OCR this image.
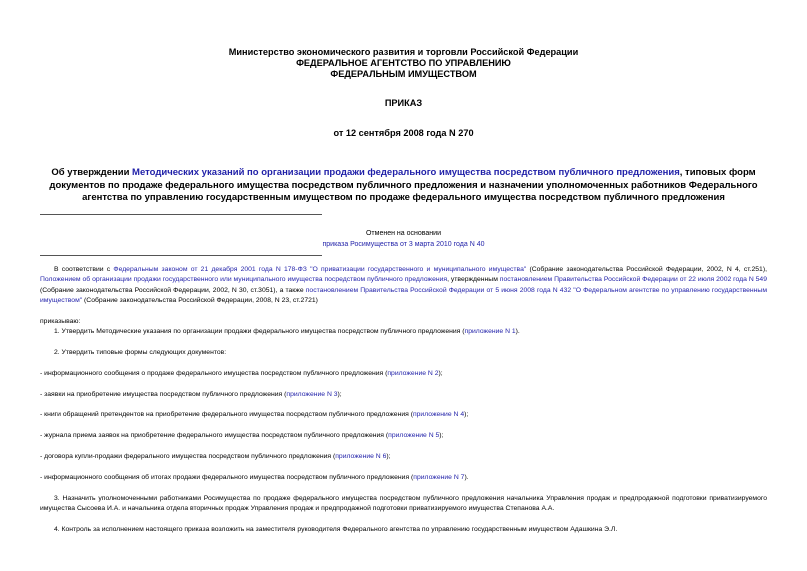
Министерство экономического развития и торговли Российской Федерации
ФЕДЕРАЛЬНОЕ АГЕНТСТВО ПО УПРАВЛЕНИЮ
ФЕДЕРАЛЬНЫМ ИМУЩЕСТВОМ
ПРИКАЗ
от 12 сентября 2008 года N 270
Об утверждении Методических указаний по организации продажи федерального имущества посредством публичного предложения, типовых форм документов по продаже федерального имущества посредством публичного предложения и назначении уполномоченных работников Федерального агентства по управлению государственным имуществом по продаже федерального имущества посредством публичного предложения
Отменен на основании
приказа Росимущества от 3 марта 2010 года N 40
В соответствии с Федеральным законом от 21 декабря 2001 года N 178-ФЗ "О приватизации государственного и муниципального имущества" (Собрание законодательства Российской Федерации, 2002, N 4, ст.251), Положением об организации продажи государственного или муниципального имущества посредством публичного предложения, утвержденным постановлением Правительства Российской Федерации от 22 июля 2002 года N 549 (Собрание законодательства Российской Федерации, 2002, N 30, ст.3051), а также постановлением Правительства Российской Федерации от 5 июня 2008 года N 432 "О Федеральном агентстве по управлению государственным имуществом" (Собрание законодательства Российской Федерации, 2008, N 23, ст.2721)
приказываю:
1. Утвердить Методические указания по организации продажи федерального имущества посредством публичного предложения (приложение N 1).
2. Утвердить типовые формы следующих документов:
- информационного сообщения о продаже федерального имущества посредством публичного предложения (приложение N 2);
- заявки на приобретение имущества посредством публичного предложения (приложение N 3);
- книги обращений претендентов на приобретение федерального имущества посредством публичного предложения (приложение N 4);
- журнала приема заявок на приобретение федерального имущества посредством публичного предложения (приложение N 5);
- договора купли-продажи федерального имущества посредством публичного предложения (приложение N 6);
- информационного сообщения об итогах продажи федерального имущества посредством публичного предложения (приложение N 7).
3. Назначить уполномоченными работниками Росимущества по продаже федерального имущества посредством публичного предложения начальника Управления продаж и предпродажной подготовки приватизируемого имущества Сысоева И.А. и начальника отдела вторичных продаж Управления продаж и предпродажной подготовки приватизируемого имущества Степанова А.А.
4. Контроль за исполнением настоящего приказа возложить на заместителя руководителя Федерального агентства по управлению государственным имуществом Адашкина Э.Л.
